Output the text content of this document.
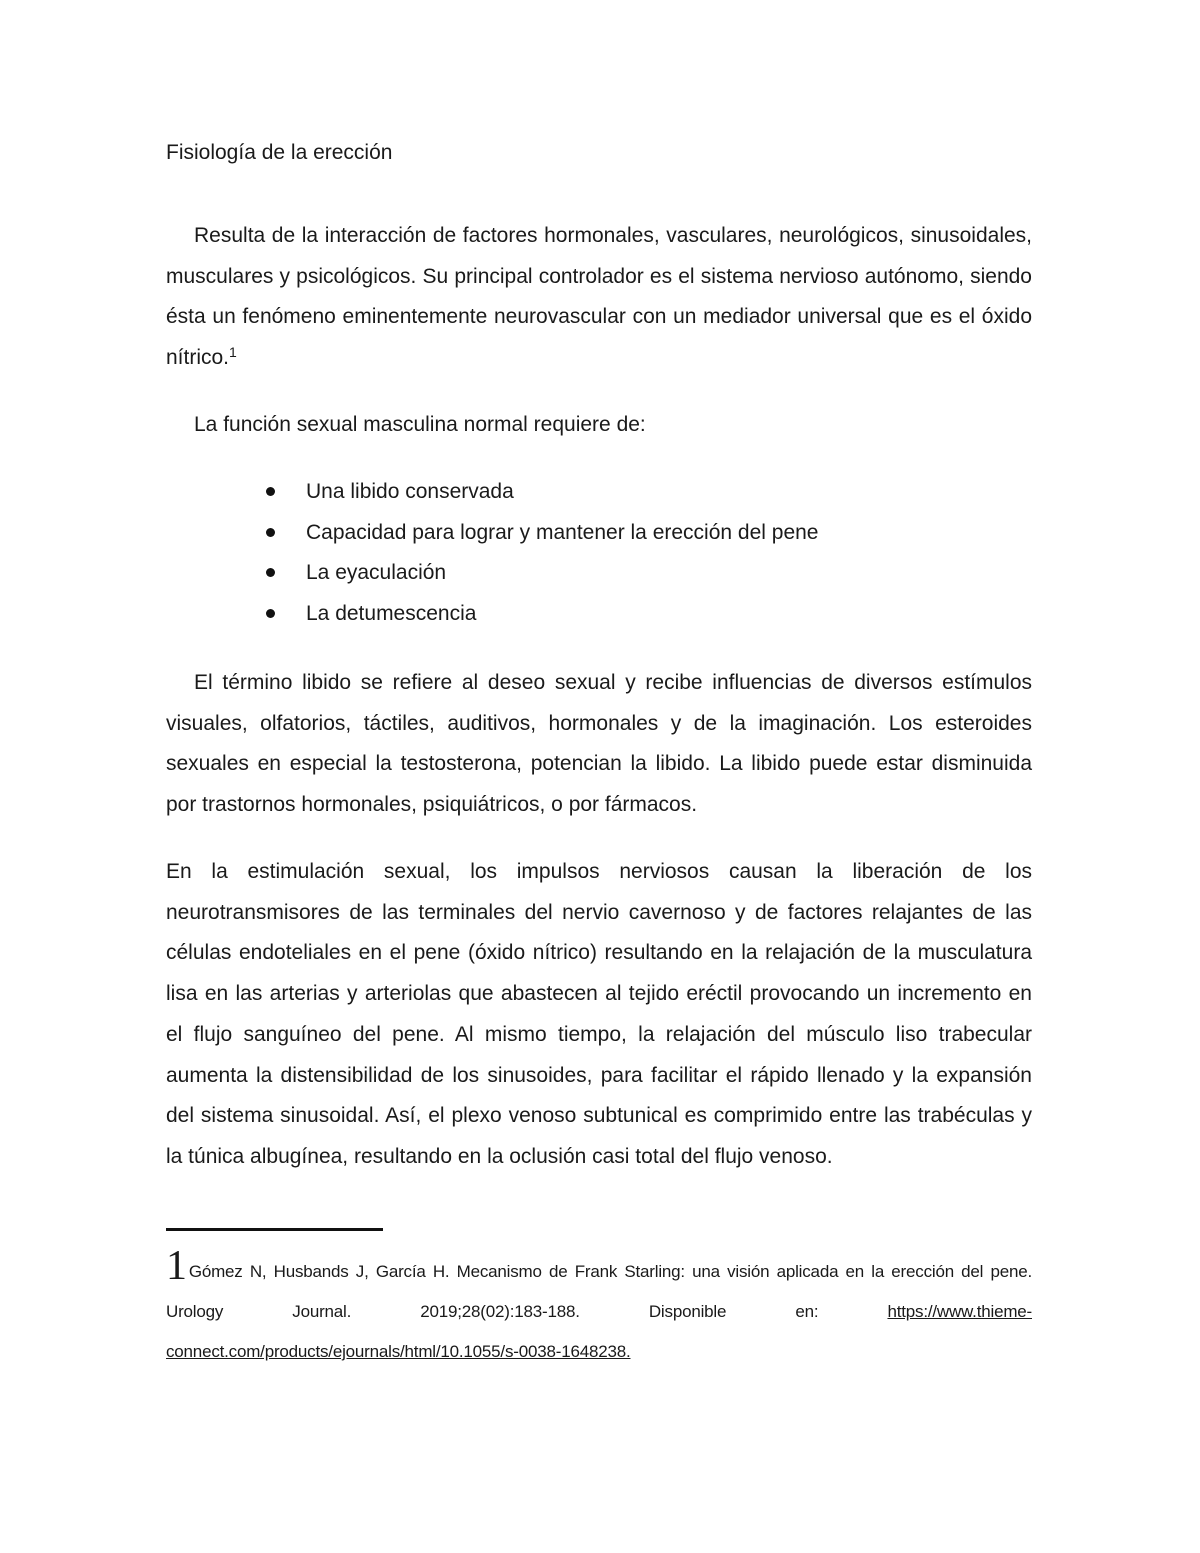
Fisiología de la erección

Resulta de la interacción de factores hormonales, vasculares, neurológicos, sinusoidales, musculares y psicológicos. Su principal controlador es el sistema nervioso autónomo, siendo ésta un fenómeno eminentemente neurovascular con un mediador universal que es el óxido nítrico.$^1$

La función sexual masculina normal requiere de:

Una libido conservada
Capacidad para lograr y mantener la erección del pene
La eyaculación
La detumescencia

El término libido se refiere al deseo sexual y recibe influencias de diversos estímulos visuales, olfatorios, táctiles, auditivos, hormonales y de la imaginación. Los esteroides sexuales en especial la testosterona, potencian la libido. La libido puede estar disminuida por trastornos hormonales, psiquiátricos, o por fármacos.

En la estimulación sexual, los impulsos nerviosos causan la liberación de los neurotransmisores de las terminales del nervio cavernoso y de factores relajantes de las células endoteliales en el pene (óxido nítrico) resultando en la relajación de la musculatura lisa en las arterias y arteriolas que abastecen al tejido eréctil provocando un incremento en el flujo sanguíneo del pene. Al mismo tiempo, la relajación del músculo liso trabecular aumenta la distensibilidad de los sinusoides, para facilitar el rápido llenado y la expansión del sistema sinusoidal. Así, el plexo venoso subtunical es comprimido entre las trabéculas y la túnica albugínea, resultando en la oclusión casi total del flujo venoso.

1 Gómez N, Husbands J, García H. Mecanismo de Frank Starling: una visión aplicada en la erección del pene. Urology Journal. 2019;28(02):183-188. Disponible en: https://www.thieme-connect.com/products/ejournals/html/10.1055/s-0038-1648238.
